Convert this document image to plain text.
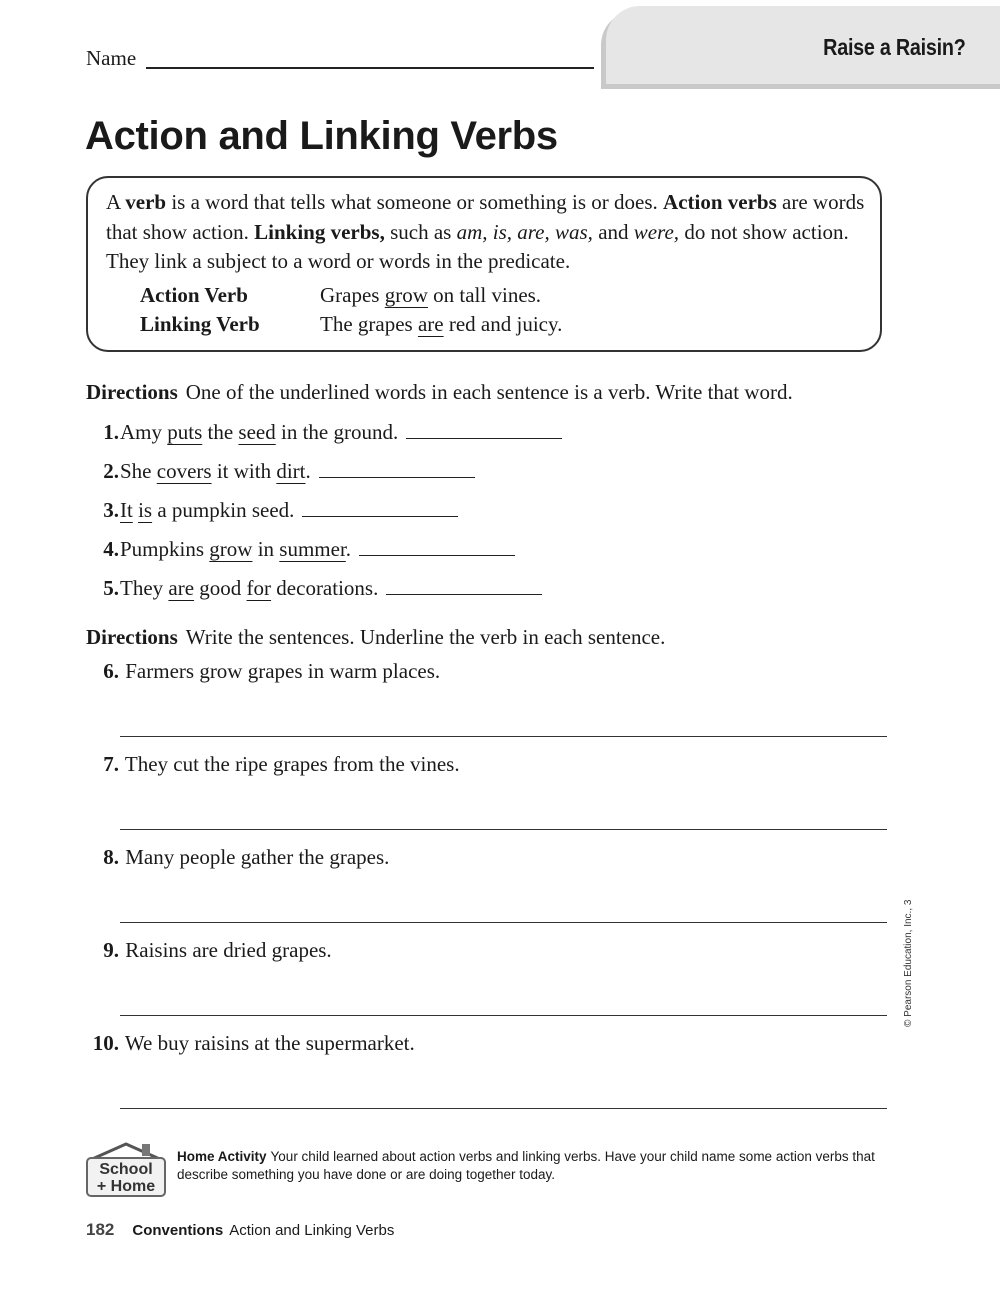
Name	Raise a Raisin?
Action and Linking Verbs
A verb is a word that tells what someone or something is or does. Action verbs are words that show action. Linking verbs, such as am, is, are, was, and were, do not show action. They link a subject to a word or words in the predicate.
Action Verb	Grapes grow on tall vines.
Linking Verb	The grapes are red and juicy.
Directions One of the underlined words in each sentence is a verb. Write that word.
1.Amy puts the seed in the ground.
2.She covers it with dirt.
3.It is a pumpkin seed.
4.Pumpkins grow in summer.
5.They are good for decorations.
Directions Write the sentences. Underline the verb in each sentence.
6. Farmers grow grapes in warm places.
7. They cut the ripe grapes from the vines.
8. Many people gather the grapes.
9. Raisins are dried grapes.
10. We buy raisins at the supermarket.
© Pearson Education, Inc., 3
School
+ Home
Home Activity Your child learned about action verbs and linking verbs. Have your child name some action verbs that describe something you have done or are doing together today.
182 Conventions Action and Linking Verbs
